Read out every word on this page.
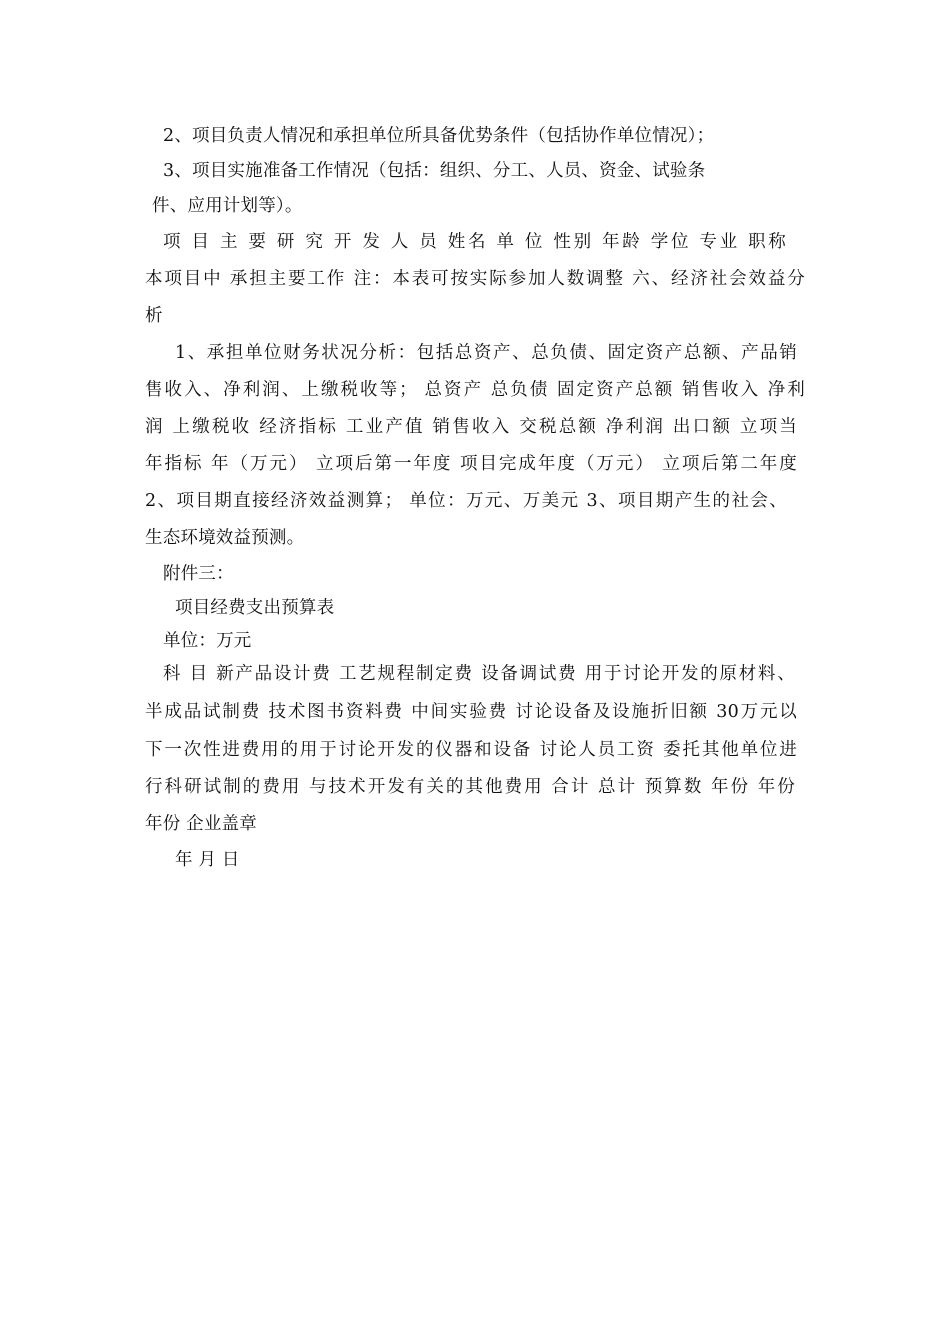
2、项目负责人情况和承担单位所具备优势条件（包括协作单位情况）；
3、项目实施准备工作情况（包括：组织、分工、人员、资金、试验条
件、应用计划等）。
项 目 主 要 研 究 开 发 人 员 姓名 单 位 性别 年龄 学位 专业 职称
本项目中 承担主要工作 注：本表可按实际参加人数调整 六、经济社会效益分
析
1、承担单位财务状况分析：包括总资产、总负债、固定资产总额、产品销
售收入、净利润、上缴税收等； 总资产 总负债 固定资产总额 销售收入 净利
润 上缴税收 经济指标 工业产值 销售收入 交税总额 净利润 出口额 立项当
年指标 年（万元） 立项后第一年度 项目完成年度（万元） 立项后第二年度
2、项目期直接经济效益测算； 单位：万元、万美元 3、项目期产生的社会、
生态环境效益预测。
附件三：
项目经费支出预算表
单位：万元
科 目 新产品设计费 工艺规程制定费 设备调试费 用于讨论开发的原材料、
半成品试制费 技术图书资料费 中间实验费 讨论设备及设施折旧额 30万元以
下一次性进费用的用于讨论开发的仪器和设备 讨论人员工资 委托其他单位进
行科研试制的费用 与技术开发有关的其他费用 合计 总计 预算数 年份 年份
年份 企业盖章
年 月 日
